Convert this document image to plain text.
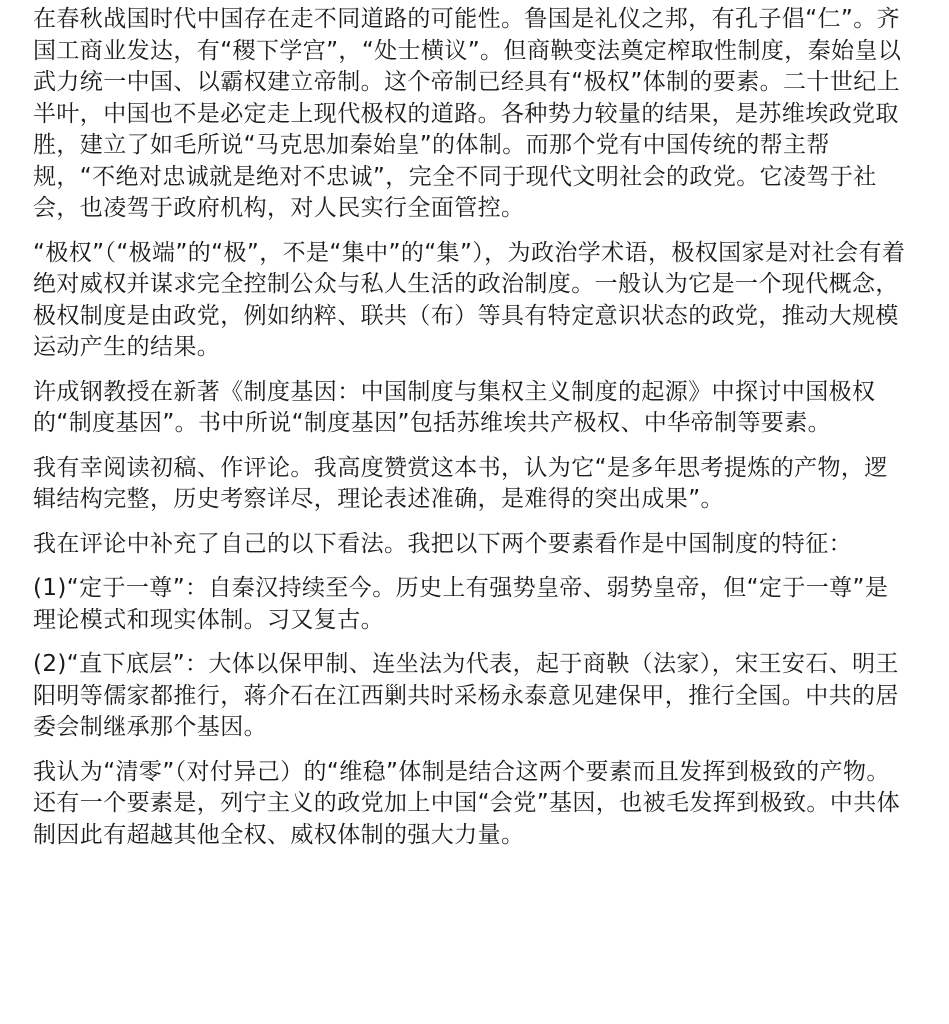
在春秋战国时代中国存在走不同道路的可能性。鲁国是礼仪之邦，有孔子倡“仁”。齐国工商业发达，有“稷下学宫”，“处士横议”。但商鞅变法奠定榨取性制度，秦始皇以武力统一中国、以霸权建立帝制。这个帝制已经具有“极权”体制的要素。二十世纪上半叶，中国也不是必定走上现代极权的道路。各种势力较量的结果，是苏维埃政党取胜，建立了如毛所说“马克思加秦始皇”的体制。而那个党有中国传统的帮主帮规，“不绝对忠诚就是绝对不忠诚”，完全不同于现代文明社会的政党。它凌驾于社会，也凌驾于政府机构，对人民实行全面管控。

“极权”（“极端”的“极”，不是“集中”的“集”），为政治学术语，极权国家是对社会有着绝对威权并谋求完全控制公众与私人生活的政治制度。一般认为它是一个现代概念，极权制度是由政党，例如纳粹、联共（布）等具有特定意识状态的政党，推动大规模运动产生的结果。

许成钢教授在新著《制度基因：中国制度与集权主义制度的起源》中探讨中国极权的“制度基因”。书中所说“制度基因”包括苏维埃共产极权、中华帝制等要素。

我有幸阅读初稿、作评论。我高度赞赏这本书，认为它“是多年思考提炼的产物，逻辑结构完整，历史考察详尽，理论表述准确，是难得的突出成果”。

我在评论中补充了自己的以下看法。我把以下两个要素看作是中国制度的特征：

(1)“定于一尊”：自秦汉持续至今。历史上有强势皇帝、弱势皇帝，但“定于一尊”是理论模式和现实体制。习又复古。

(2)“直下底层”：大体以保甲制、连坐法为代表，起于商鞅（法家），宋王安石、明王阳明等儒家都推行，蒋介石在江西剿共时采杨永泰意见建保甲，推行全国。中共的居委会制继承那个基因。

我认为“清零”（对付异己）的“维稳”体制是结合这两个要素而且发挥到极致的产物。还有一个要素是，列宁主义的政党加上中国“会党”基因，也被毛发挥到极致。中共体制因此有超越其他全权、威权体制的强大力量。
